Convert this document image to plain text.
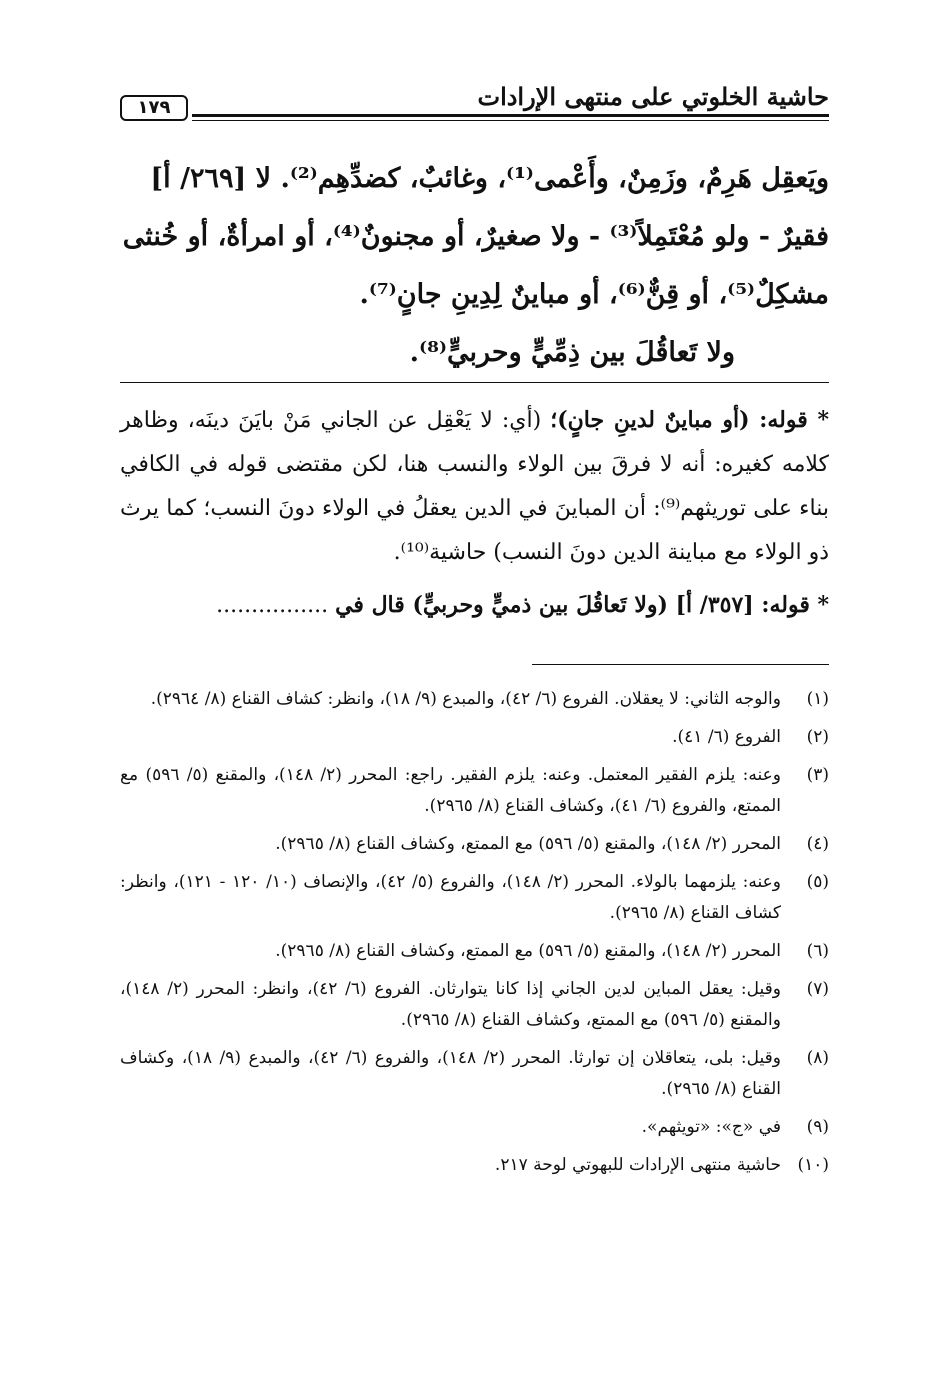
حاشية الخلوتي على منتهى الإرادات
١٧٩

ويَعقِل هَرِمٌ، وزَمِنٌ، وأَعْمى⁽¹⁾، وغائبٌ، كضدِّهِم⁽²⁾. لا [٢٦٩/ أ]

فقيرٌ - ولو مُعْتَمِلاً⁽³⁾ - ولا صغيرٌ، أو مجنونٌ⁽⁴⁾، أو امرأةٌ، أو خُنثى

مشكِلٌ⁽⁵⁾، أو قِنٌّ⁽⁶⁾، أو مباينٌ لِدِينِ جانٍ⁽⁷⁾.

ولا تَعاقُلَ بين ذِمِّيٍّ وحربيٍّ⁽⁸⁾.

* قوله: (أو مباينٌ لدينِ جانٍ)؛ (أي: لا يَعْقِل عن الجاني مَنْ بايَنَ دينَه، وظاهر كلامه كغيره: أنه لا فرقَ بين الولاء والنسب هنا، لكن مقتضى قوله في الكافي بناء على توريثهم⁽⁹⁾: أن المباينَ في الدين يعقلُ في الولاء دونَ النسب؛ كما يرث ذو الولاء مع مباينة الدين دونَ النسب) حاشية⁽¹⁰⁾.

* قوله: [٣٥٧/ أ] (ولا تَعاقُلَ بين ذميٍّ وحربيٍّ) قال في ................

(١)
والوجه الثاني: لا يعقلان. الفروع (٦/ ٤٢)، والمبدع (٩/ ١٨)، وانظر: كشاف القناع (٨/ ٢٩٦٤).
(٢)
الفروع (٦/ ٤١).
(٣)
وعنه: يلزم الفقير المعتمل. وعنه: يلزم الفقير. راجع: المحرر (٢/ ١٤٨)، والمقنع (٥/ ٥٩٦) مع الممتع، والفروع (٦/ ٤١)، وكشاف القناع (٨/ ٢٩٦٥).
(٤)
المحرر (٢/ ١٤٨)، والمقنع (٥/ ٥٩٦) مع الممتع، وكشاف القناع (٨/ ٢٩٦٥).
(٥)
وعنه: يلزمهما بالولاء. المحرر (٢/ ١٤٨)، والفروع (٥/ ٤٢)، والإنصاف (١٠/ ١٢٠ - ١٢١)، وانظر: كشاف القناع (٨/ ٢٩٦٥).
(٦)
المحرر (٢/ ١٤٨)، والمقنع (٥/ ٥٩٦) مع الممتع، وكشاف القناع (٨/ ٢٩٦٥).
(٧)
وقيل: يعقل المباين لدين الجاني إذا كانا يتوارثان. الفروع (٦/ ٤٢)، وانظر: المحرر (٢/ ١٤٨)، والمقنع (٥/ ٥٩٦) مع الممتع، وكشاف القناع (٨/ ٢٩٦٥).
(٨)
وقيل: بلى، يتعاقلان إن توارثا. المحرر (٢/ ١٤٨)، والفروع (٦/ ٤٢)، والمبدع (٩/ ١٨)، وكشاف القناع (٨/ ٢٩٦٥).
(٩)
في «ج»: «تويثهم».
(١٠)
حاشية منتهى الإرادات للبهوتي لوحة ٢١٧.
